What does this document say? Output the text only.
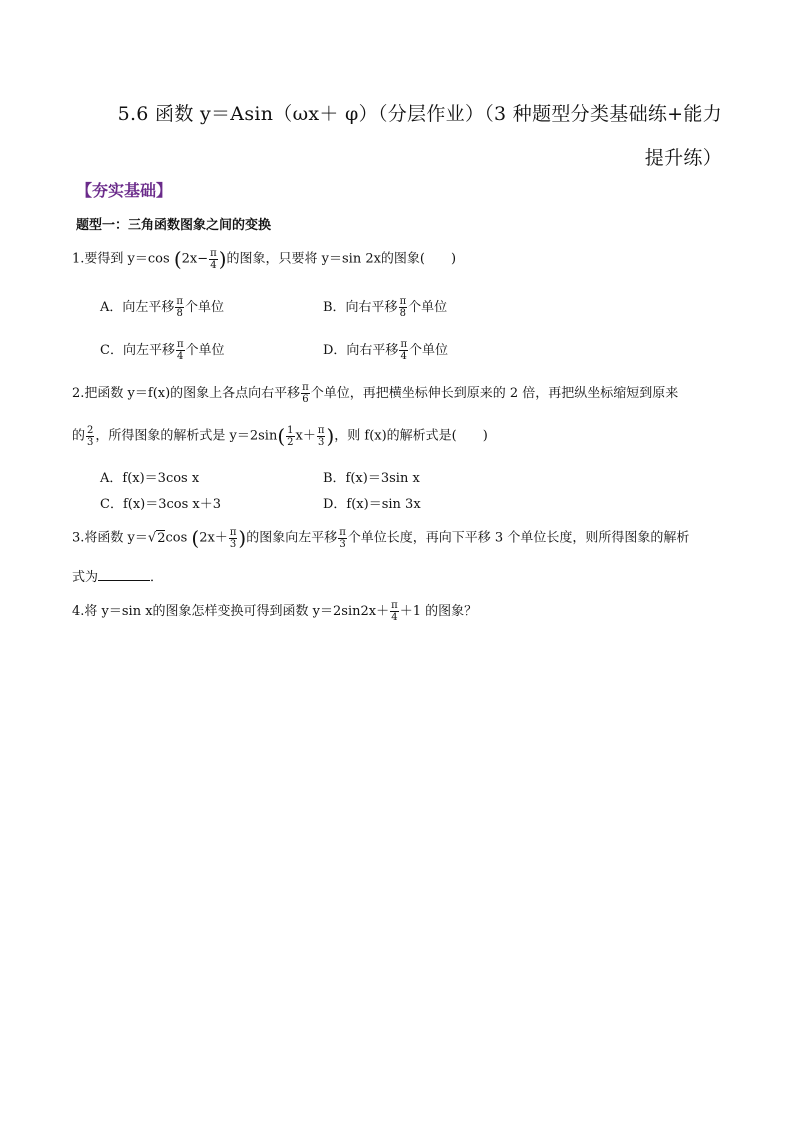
5.6 函数 y＝Asin（ωx＋ φ）（分层作业）（3 种题型分类基础练+能力
提升练）
【夯实基础】
题型一：三角函数图象之间的变换
1.要得到 y＝cos ($2x- \frac{\pi}{4}$ )的图象，只要将 y＝sin 2x的图象(　　)
A．向左平移 $\frac{\pi}{8}$ 个单位	B．向右平移 $\frac{\pi}{8}$ 个单位
C．向左平移 $\frac{\pi}{4}$ 个单位	D．向右平移 $\frac{\pi}{4}$ 个单位
2.把函数 y＝f(x)的图象上各点向右平移 $\frac{\pi}{6}$ 个单位，再把横坐标伸长到原来的 2 倍，再把纵坐标缩短到原来
的 $\frac{2}{3}$ ，所得图象的解析式是 $y=2\sin( \frac{1}{2} x+ \frac{\pi}{3}$ )，则 f(x)的解析式是(　　)
A．f(x)＝3cos x	B．f(x)＝3sin x
C．f(x)＝3cos x＋3	D．f(x)＝sin 3x
3.将函数 y＝√2cos ($2x+ \frac{\pi}{3}$ )的图象向左平移 $\frac{\pi}{3}$ 个单位长度，再向下平移 3 个单位长度，则所得图象的解析
式为	．
4.将 y＝sin x的图象怎样变换可得到函数 $y=2\sin 2x+ \frac{\pi}{4} +1$ 的图象？
